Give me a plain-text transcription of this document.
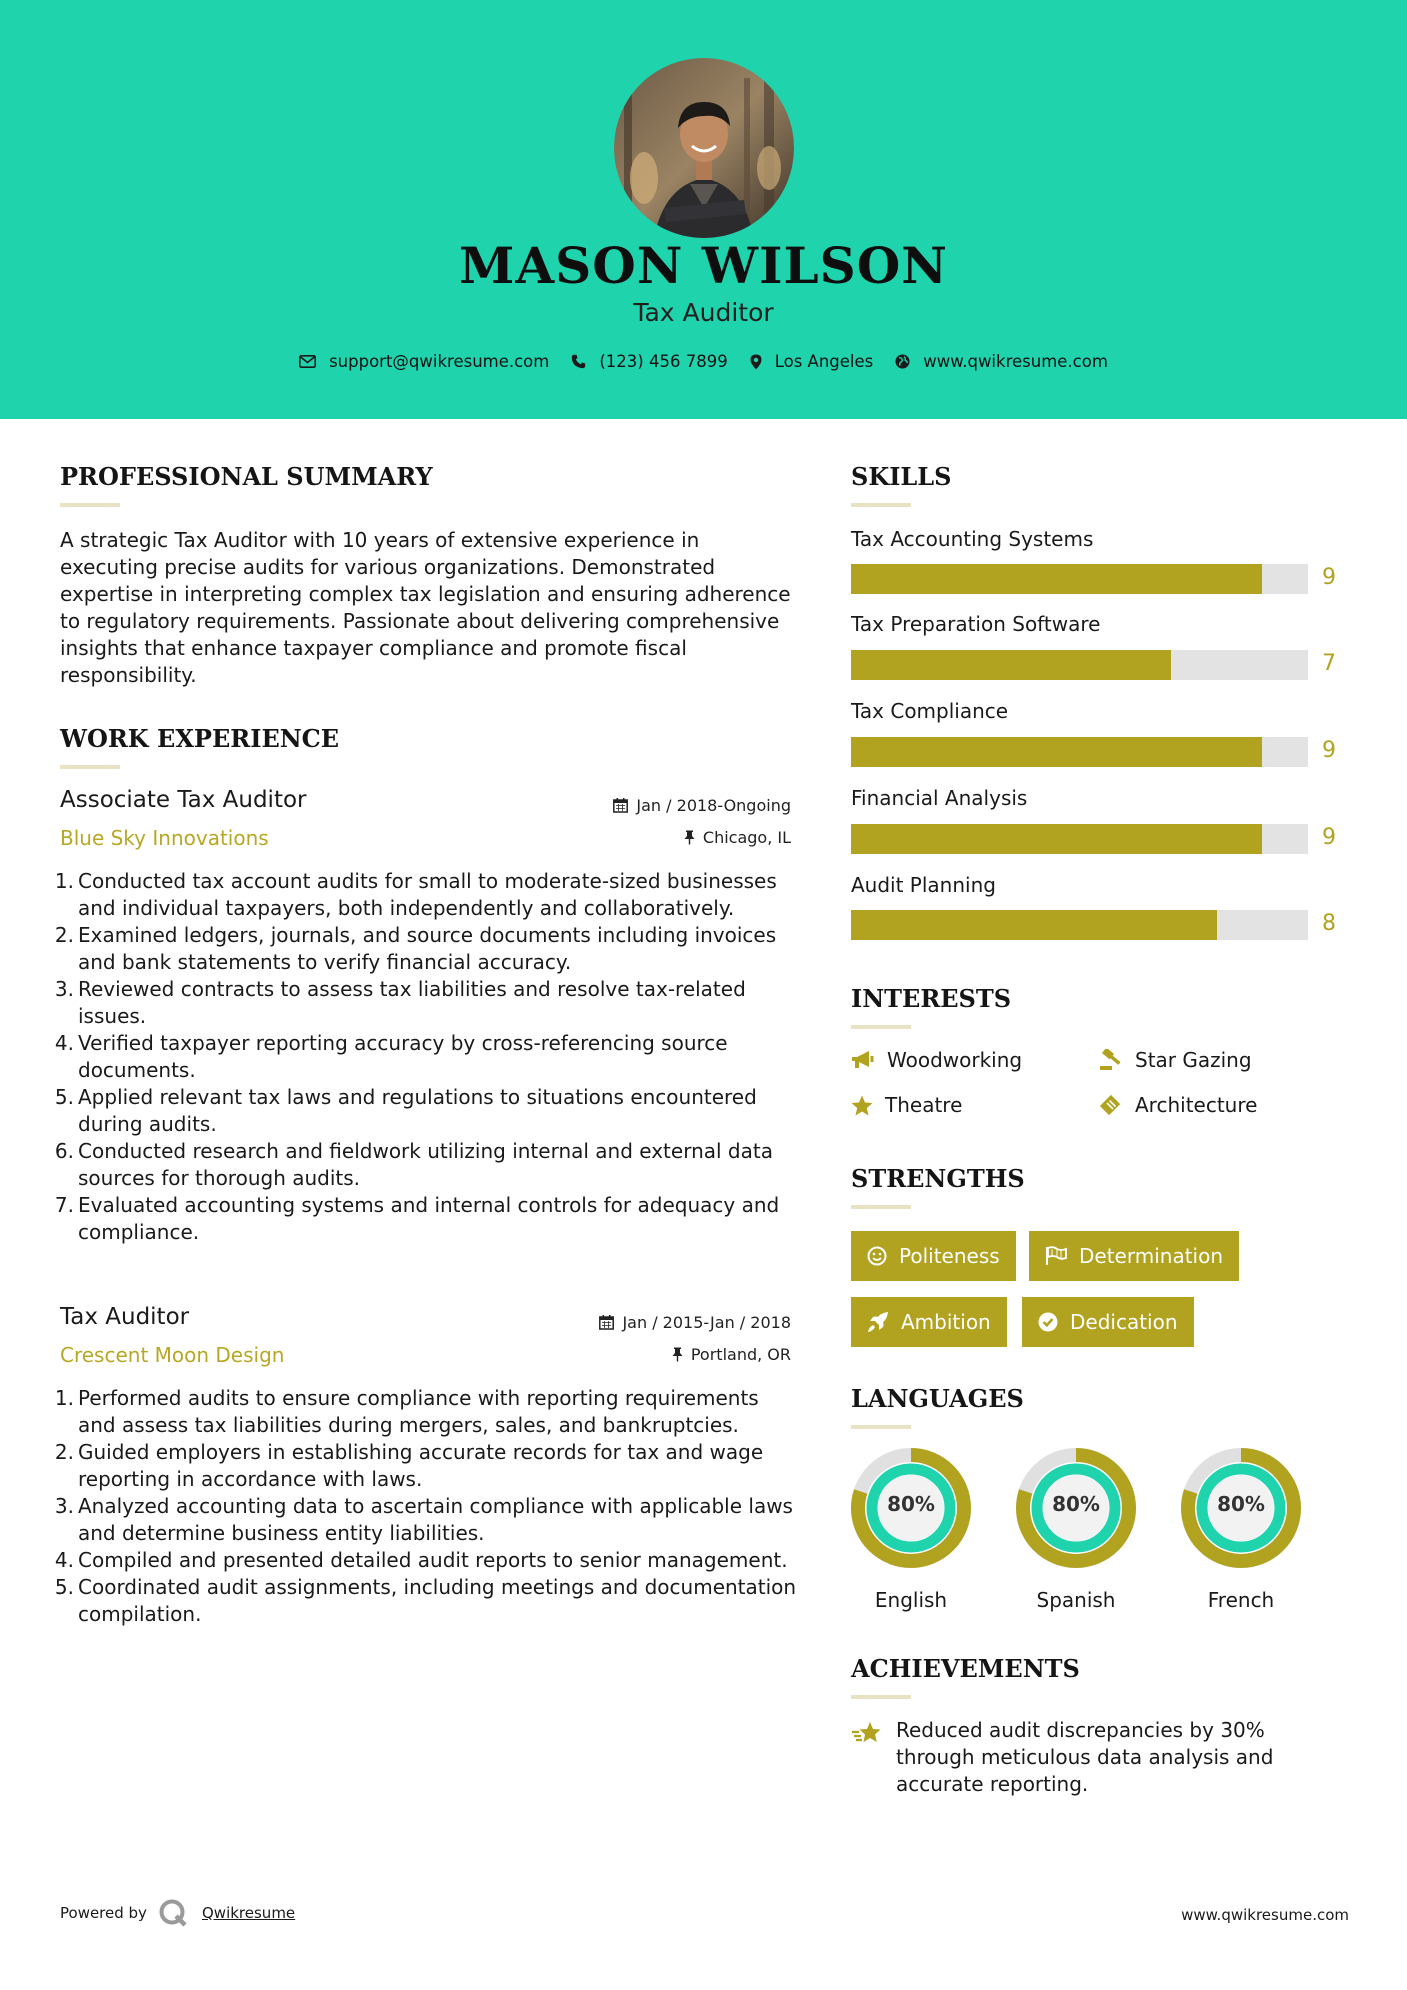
MASON WILSON
Tax Auditor
support@qwikresume.com	(123) 456 7899	Los Angeles	www.qwikresume.com
PROFESSIONAL SUMMARY
A strategic Tax Auditor with 10 years of extensive experience in executing precise audits for various organizations. Demonstrated expertise in interpreting complex tax legislation and ensuring adherence to regulatory requirements. Passionate about delivering comprehensive insights that enhance taxpayer compliance and promote fiscal responsibility.
WORK EXPERIENCE
Associate Tax Auditor
Blue Sky Innovations
Jan / 2018-Ongoing
Chicago, IL
1. Conducted tax account audits for small to moderate-sized businesses and individual taxpayers, both independently and collaboratively.
2. Examined ledgers, journals, and source documents including invoices and bank statements to verify financial accuracy.
3. Reviewed contracts to assess tax liabilities and resolve tax-related issues.
4. Verified taxpayer reporting accuracy by cross-referencing source documents.
5. Applied relevant tax laws and regulations to situations encountered during audits.
6. Conducted research and fieldwork utilizing internal and external data sources for thorough audits.
7. Evaluated accounting systems and internal controls for adequacy and compliance.
Tax Auditor
Crescent Moon Design
Jan / 2015-Jan / 2018
Portland, OR
1. Performed audits to ensure compliance with reporting requirements and assess tax liabilities during mergers, sales, and bankruptcies.
2. Guided employers in establishing accurate records for tax and wage reporting in accordance with laws.
3. Analyzed accounting data to ascertain compliance with applicable laws and determine business entity liabilities.
4. Compiled and presented detailed audit reports to senior management.
5. Coordinated audit assignments, including meetings and documentation compilation.
SKILLS
Tax Accounting Systems
9
Tax Preparation Software
7
Tax Compliance
9
Financial Analysis
9
Audit Planning
8
INTERESTS
Woodworking	Star Gazing
Theatre	Architecture
STRENGTHS
Politeness	Determination
Ambition	Dedication
LANGUAGES
80%
English
80%
Spanish
80%
French
ACHIEVEMENTS
Reduced audit discrepancies by 30% through meticulous data analysis and accurate reporting.
Powered by	Qwikresume	www.qwikresume.com
